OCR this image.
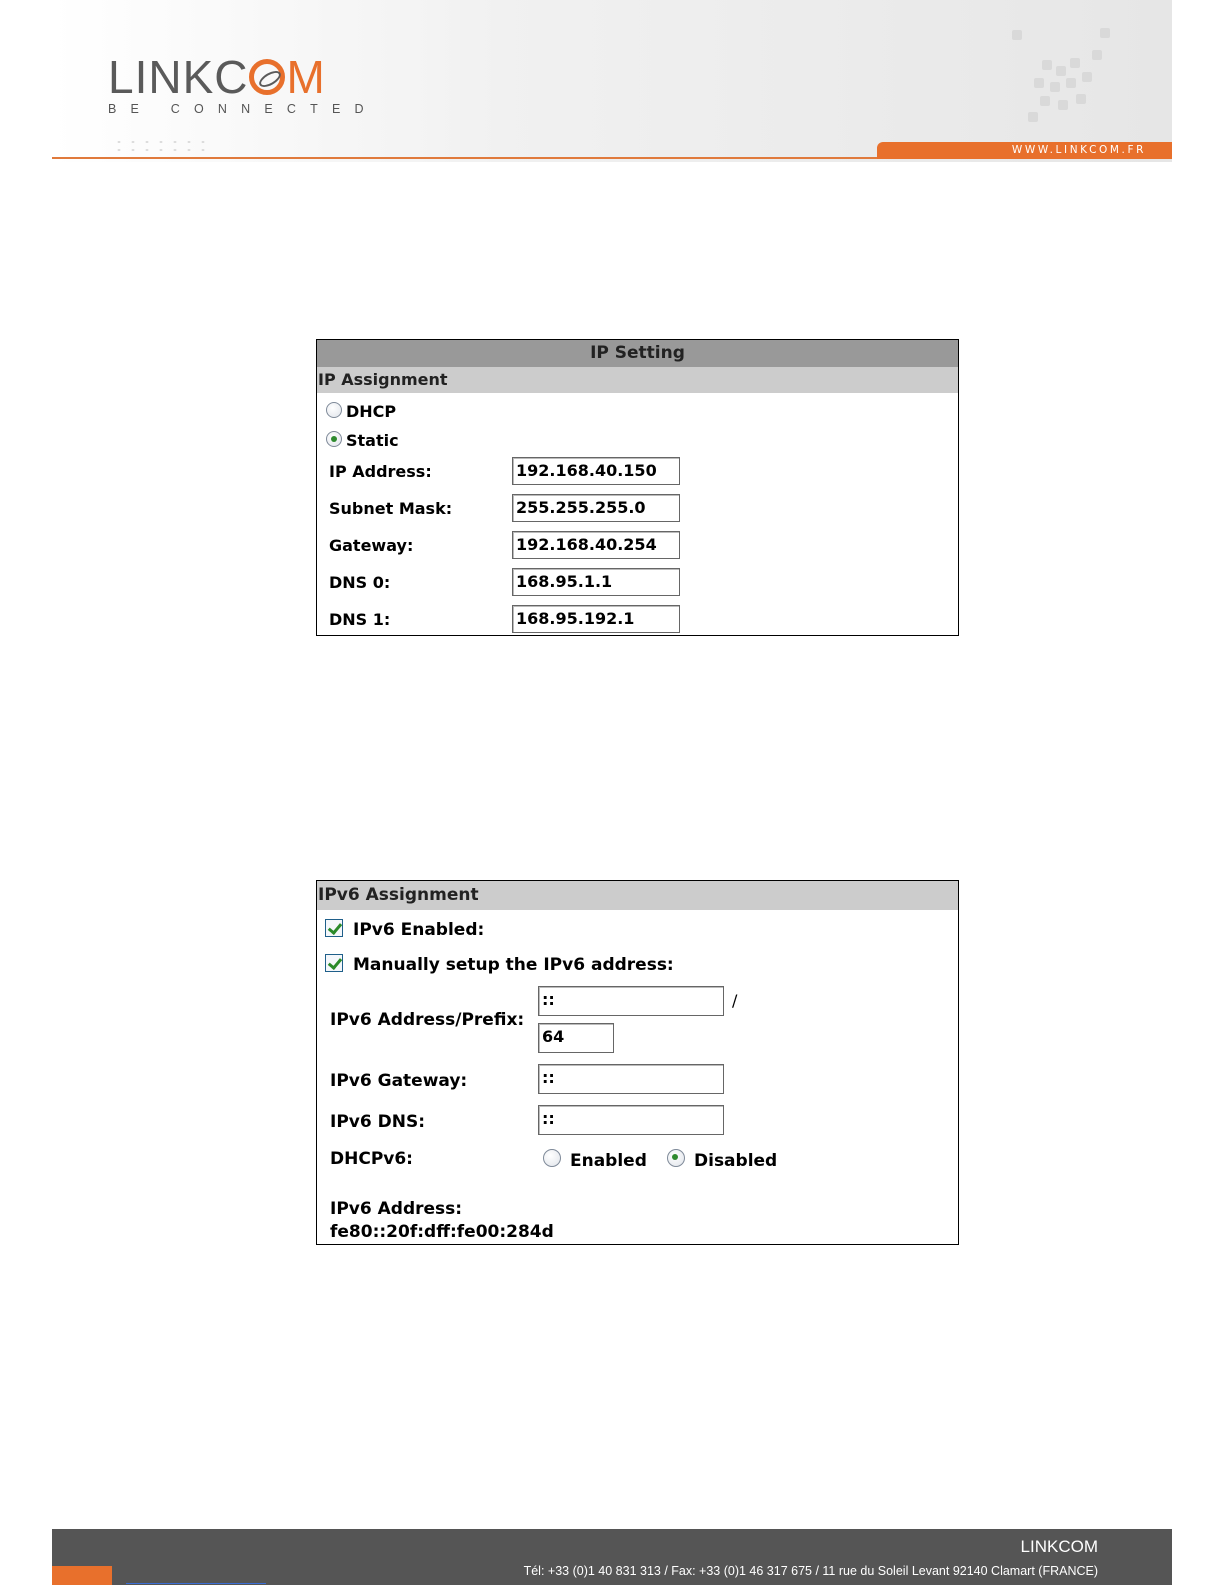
WWW.LINKCOM.FR
LINKC M
BE CONNECTED
IP Setting
IP Assignment
DHCP
Static
IP Address:	192.168.40.150
Subnet Mask:	255.255.255.0
Gateway:	192.168.40.254
DNS 0:	168.95.1.1
DNS 1:	168.95.192.1
IPv6 Assignment
IPv6 Enabled:
Manually setup the IPv6 address:
IPv6 Address/Prefix:
::	/
64
IPv6 Gateway:	::
IPv6 DNS:	::
DHCPv6:	Enabled	Disabled
IPv6 Address:
fe80::20f:dff:fe00:284d
LINKCOM
Tél: +33 (0)1 40 831 313 / Fax: +33 (0)1 46 317 675 / 11 rue du Soleil Levant 92140 Clamart (FRANCE)
